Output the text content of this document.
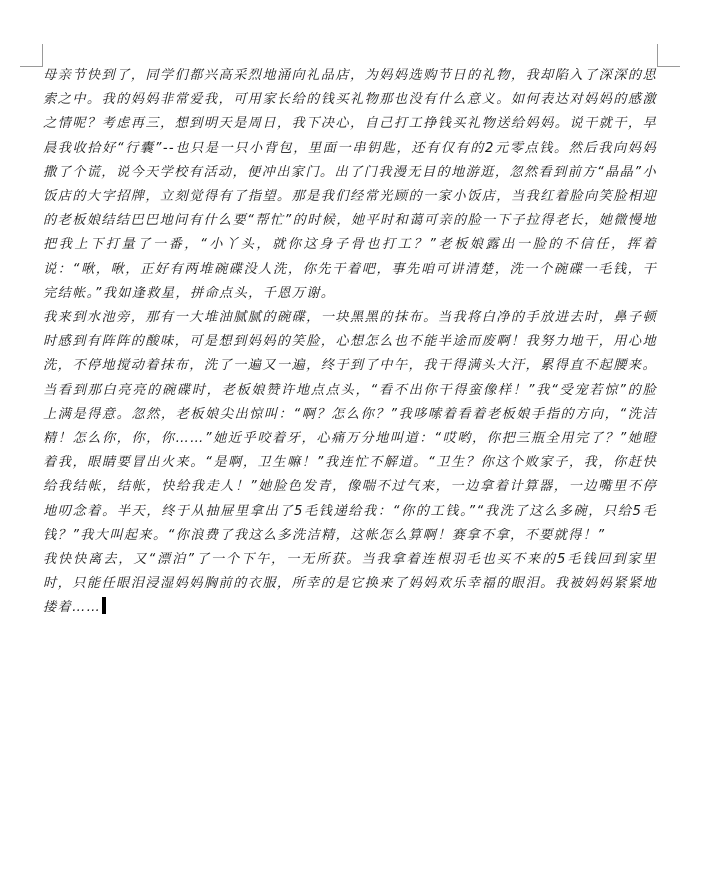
母亲节快到了，同学们都兴高采烈地涌向礼品店，为妈妈选购节日的礼物，我却陷入了深深的思索之中。我的妈妈非常爱我，可用家长给的钱买礼物那也没有什么意义。如何表达对妈妈的感激之情呢？考虑再三，想到明天是周日，我下决心，自己打工挣钱买礼物送给妈妈。说干就干，早晨我收拾好“行囊”--也只是一只小背包，里面一串钥匙，还有仅有的2元零点钱。然后我向妈妈撒了个谎，说今天学校有活动，便冲出家门。出了门我漫无目的地游逛，忽然看到前方“晶晶”小饭店的大字招牌，立刻觉得有了指望。那是我们经常光顾的一家小饭店，当我红着脸向笑脸相迎的老板娘结结巴巴地问有什么要“帮忙”的时候，她平时和蔼可亲的脸一下子拉得老长，她微慢地把我上下打量了一番，“小丫头，就你这身子骨也打工？”老板娘露出一脸的不信任，挥着说：“啾，啾，正好有两堆碗碟没人洗，你先干着吧，事先咱可讲清楚，洗一个碗碟一毛钱，干完结帐。”我如逢救星，拼命点头，千恩万谢。

我来到水池旁，那有一大堆油腻腻的碗碟，一块黑黑的抹布。当我将白净的手放进去时，鼻子顿时感到有阵阵的酸味，可是想到妈妈的笑脸，心想怎么也不能半途而废啊！我努力地干，用心地洗，不停地搅动着抹布，洗了一遍又一遍，终于到了中午，我干得满头大汗，累得直不起腰来。当看到那白亮亮的碗碟时，老板娘赞许地点点头，“看不出你干得蛮像样！”我“受宠若惊”的脸上满是得意。忽然，老板娘尖出惊叫：“啊？怎么你？”我哆嗦着看着老板娘手指的方向，“洗洁精！怎么你，你，你……”她近乎咬着牙，心痛万分地叫道：“哎哟，你把三瓶全用完了？”她瞪着我，眼睛要冒出火来。“是啊，卫生嘛！”我连忙不解道。“卫生？你这个败家子，我，你赶快给我结帐，结帐，快给我走人！”她脸色发青，像喘不过气来，一边拿着计算器，一边嘴里不停地叨念着。半天，终于从抽屉里拿出了5毛钱递给我：“你的工钱。”“我洗了这么多碗，只给5毛钱？”我大叫起来。“你浪费了我这么多洗洁精，这帐怎么算啊！赛拿不拿，不要就得！”

我快快离去，又“漂泊”了一个下午，一无所获。当我拿着连根羽毛也买不来的5毛钱回到家里时，只能任眼泪浸湿妈妈胸前的衣服，所幸的是它换来了妈妈欢乐幸福的眼泪。我被妈妈紧紧地搂着……
